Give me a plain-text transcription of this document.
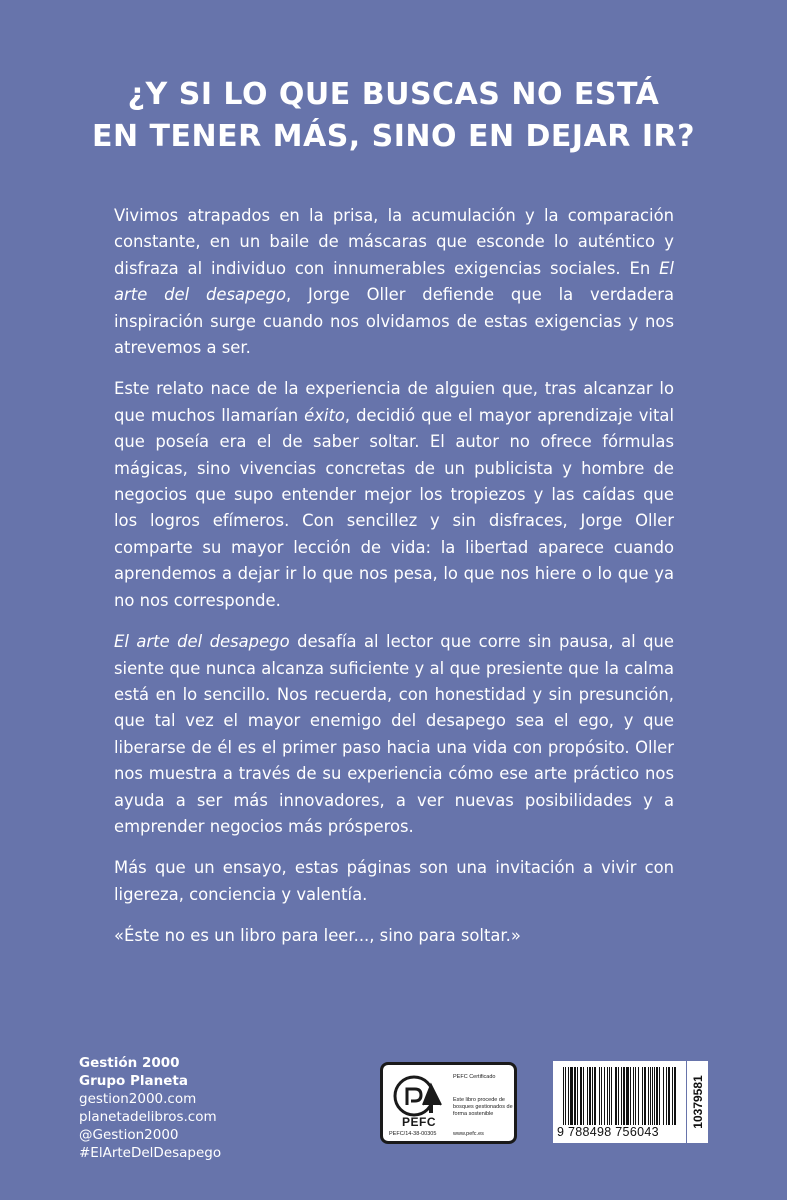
¿Y SI LO QUE BUSCAS NO ESTÁ
EN TENER MÁS, SINO EN DEJAR IR?

Vivimos atrapados en la prisa, la acumulación y la comparación constante, en un baile de máscaras que esconde lo auténtico y disfraza al individuo con innumerables exigencias sociales. En El arte del desapego, Jorge Oller defiende que la verdadera inspiración surge cuando nos olvidamos de estas exigencias y nos atrevemos a ser.

Este relato nace de la experiencia de alguien que, tras alcanzar lo que muchos llamarían éxito, decidió que el mayor aprendizaje vital que poseía era el de saber soltar. El autor no ofrece fórmulas mágicas, sino vivencias concretas de un publicista y hombre de negocios que supo entender mejor los tropiezos y las caídas que los logros efímeros. Con sencillez y sin disfraces, Jorge Oller comparte su mayor lección de vida: la libertad aparece cuando aprendemos a dejar ir lo que nos pesa, lo que nos hiere o lo que ya no nos corresponde.

El arte del desapego desafía al lector que corre sin pausa, al que siente que nunca alcanza suficiente y al que presiente que la calma está en lo sencillo. Nos recuerda, con honestidad y sin presunción, que tal vez el mayor enemigo del desapego sea el ego, y que liberarse de él es el primer paso hacia una vida con propósito. Oller nos muestra a través de su experiencia cómo ese arte práctico nos ayuda a ser más innovadores, a ver nuevas posibilidades y a emprender negocios más prósperos.

Más que un ensayo, estas páginas son una invitación a vivir con ligereza, conciencia y valentía.

«Éste no es un libro para leer..., sino para soltar.»

Gestión 2000
Grupo Planeta
gestion2000.com
planetadelibros.com
@Gestion2000
#ElArteDelDesapego
PEFC
PEFC/14-38-00305
PEFC Certificado
Este libro procede de bosques gestionados de forma sostenible
www.pefc.es	9 788498 756043
10379581
